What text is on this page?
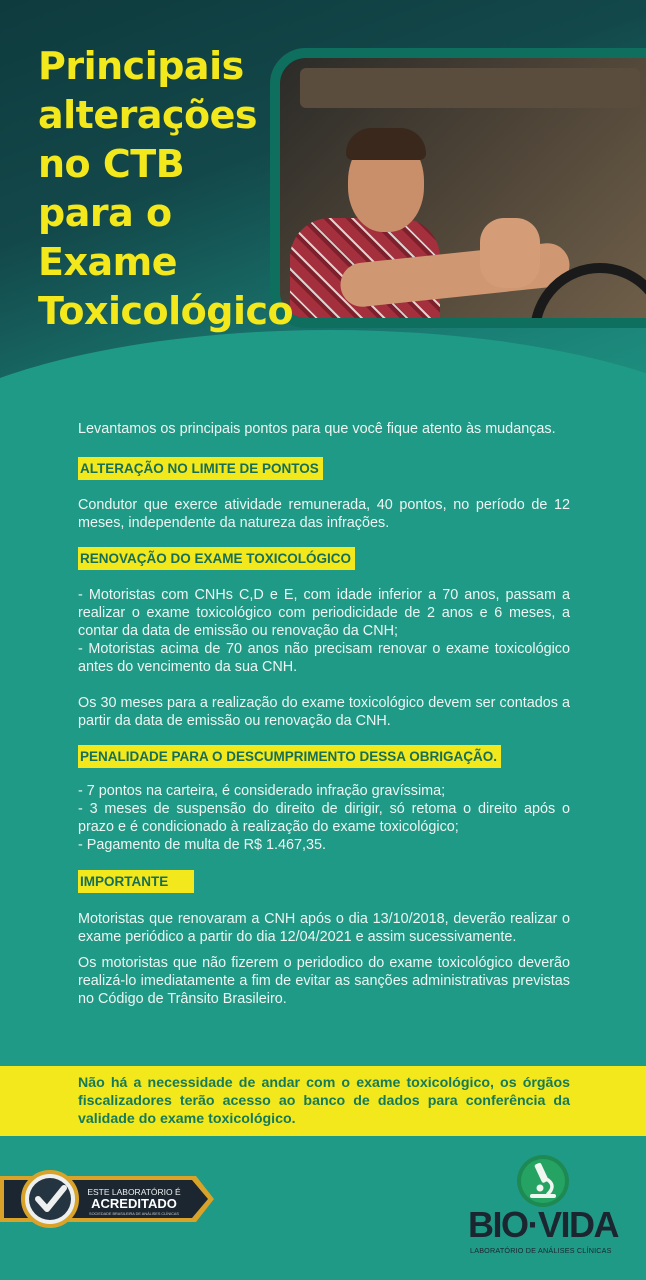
Principais
alterações
no CTB
para o
Exame
Toxicológico

Levantamos os principais pontos para que você fique atento às mudanças.

ALTERAÇÃO NO LIMITE DE PONTOS

Condutor que exerce atividade remunerada, 40 pontos, no período de 12 meses, independente da natureza das infrações.

RENOVAÇÃO DO EXAME TOXICOLÓGICO

- Motoristas com CNHs C,D e E, com idade inferior a 70 anos, passam a realizar o exame toxicológico com periodicidade de 2 anos e 6 meses, a contar da data de emissão ou renovação da CNH;

- Motoristas acima de 70 anos não precisam renovar o exame toxicológico antes do vencimento da sua CNH.

Os 30 meses para a realização do exame toxicológico devem ser contados a partir da data de emissão ou renovação da CNH.

PENALIDADE PARA O DESCUMPRIMENTO DESSA OBRIGAÇÃO.

- 7 pontos na carteira, é considerado infração gravíssima;

- 3 meses de suspensão do direito de dirigir, só retoma o direito após o prazo e é condicionado à realização do exame toxicológico;

- Pagamento de multa de R$ 1.467,35.

IMPORTANTE

Motoristas que renovaram a CNH após o dia 13/10/2018, deverão realizar o exame periódico a partir do dia 12/04/2021 e assim sucessivamente.

Os motoristas que não fizerem o peridodico do exame toxicológico deverão realizá-lo imediatamente a fim de evitar as sanções administrativas previstas no Código de Trânsito Brasileiro.

Não há a necessidade de andar com o exame toxicológico, os órgãos fiscalizadores terão acesso ao banco de dados para conferência da validade do exame toxicológico.

ESTE LABORATÓRIO É
ACREDITADO
SOCIEDADE BRASILEIRA DE ANÁLISES CLÍNICAS	BIO·VIDA
LABORATÓRIO DE ANÁLISES CLÍNICAS
